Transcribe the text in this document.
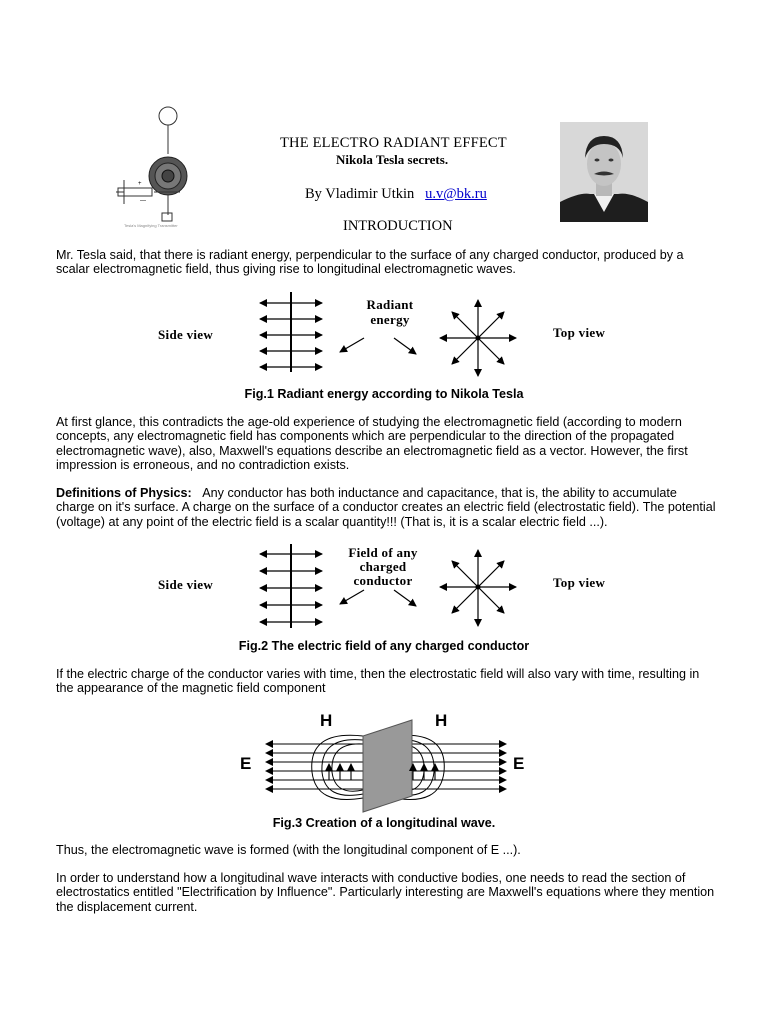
+
—
Tesla's Magnifying Transmitter
THE ELECTRO RADIANT EFFECT
Nikola Tesla secrets.
By Vladimir Utkin u.v@bk.ru
INTRODUCTION
Mr. Tesla said, that there is radiant energy, perpendicular to the surface of any charged conductor, produced by a scalar electromagnetic field, thus giving rise to longitudinal electromagnetic waves.
Side view	Top view
Radiant
energy
Fig.1 Radiant energy according to Nikola Tesla
At first glance, this contradicts the age-old experience of studying the electromagnetic field (according to modern concepts, any electromagnetic field has components which are perpendicular to the direction of the propagated electromagnetic wave), also, Maxwell's equations describe an electromagnetic field as a vector. However, the first impression is erroneous, and no contradiction exists.
Definitions of Physics: Any conductor has both inductance and capacitance, that is, the ability to accumulate charge on it's surface. A charge on the surface of a conductor creates an electric field (electrostatic field). The potential (voltage) at any point of the electric field is a scalar quantity!!! (That is, it is a scalar electric field ...).
Side view	Top view
Field of any
charged
conductor
Fig.2 The electric field of any charged conductor
If the electric charge of the conductor varies with time, then the electrostatic field will also vary with time, resulting in the appearance of the magnetic field component
H	H
E	E
Fig.3 Creation of a longitudinal wave.
Thus, the electromagnetic wave is formed (with the longitudinal component of E ...).
In order to understand how a longitudinal wave interacts with conductive bodies, one needs to read the section of electrostatics entitled "Electrification by Influence". Particularly interesting are Maxwell's equations where they mention the displacement current.
